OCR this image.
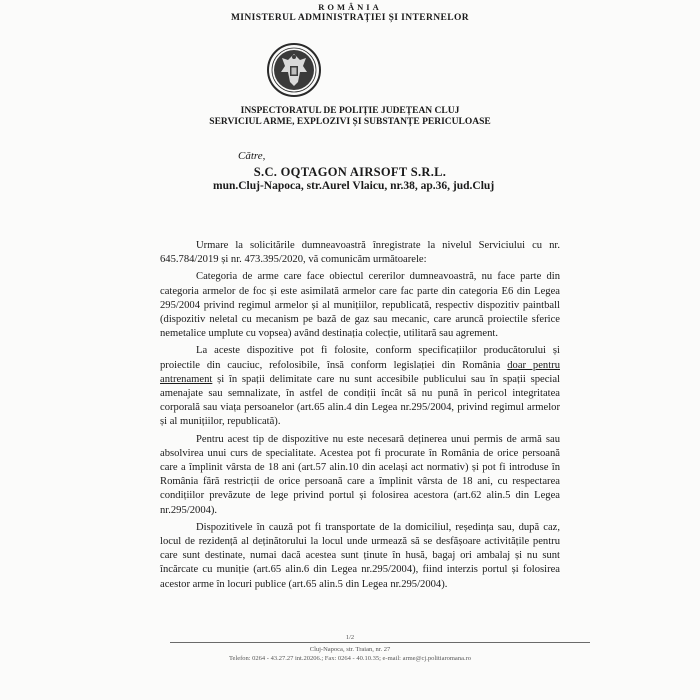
ROMÂNIA
MINISTERUL ADMINISTRAȚIEI ȘI INTERNELOR
INSPECTORATUL DE POLIȚIE JUDEȚEAN CLUJ
SERVICIUL ARME, EXPLOZIVI ȘI SUBSTANȚE PERICULOASE
Către,
S.C. OQTAGON AIRSOFT S.R.L.
mun.Cluj-Napoca, str.Aurel Vlaicu, nr.38, ap.36, jud.Cluj

Urmare la solicitările dumneavoastră înregistrate la nivelul Serviciului cu nr. 645.784/2019 și nr. 473.395/2020, vă comunicăm următoarele:

Categoria de arme care face obiectul cererilor dumneavoastră, nu face parte din categoria armelor de foc și este asimilată armelor care fac parte din categoria E6 din Legea 295/2004 privind regimul armelor și al munițiilor, republicată, respectiv dispozitiv paintball (dispozitiv neletal cu mecanism pe bază de gaz sau mecanic, care aruncă proiectile sferice nemetalice umplute cu vopsea) având destinația colecție, utilitară sau agrement.

La aceste dispozitive pot fi folosite, conform specificațiilor producătorului și proiectile din cauciuc, refolosibile, însă conform legislației din România doar pentru antrenament și în spații delimitate care nu sunt accesibile publicului sau în spații special amenajate sau semnalizate, în astfel de condiții încât să nu pună în pericol integritatea corporală sau viața persoanelor (art.65 alin.4 din Legea nr.295/2004, privind regimul armelor și al munițiilor, republicată).

Pentru acest tip de dispozitive nu este necesară deținerea unui permis de armă sau absolvirea unui curs de specialitate. Acestea pot fi procurate în România de orice persoană care a împlinit vârsta de 18 ani (art.57 alin.10 din același act normativ) și pot fi introduse în România fără restricții de orice persoană care a împlinit vârsta de 18 ani, cu respectarea condițiilor prevăzute de lege privind portul și folosirea acestora (art.62 alin.5 din Legea nr.295/2004).

Dispozitivele în cauză pot fi transportate de la domiciliul, reședința sau, după caz, locul de rezidență al deținătorului la locul unde urmează să se desfășoare activitățile pentru care sunt destinate, numai dacă acestea sunt ținute în husă, bagaj ori ambalaj și nu sunt încărcate cu muniție (art.65 alin.6 din Legea nr.295/2004), fiind interzis portul și folosirea acestor arme în locuri publice (art.65 alin.5 din Legea nr.295/2004).

1/2
Cluj-Napoca, str. Traian, nr. 27
Telefon: 0264 - 43.27.27 int.20206.; Fax: 0264 - 40.10.35; e-mail: arme@cj.politiaromana.ro
